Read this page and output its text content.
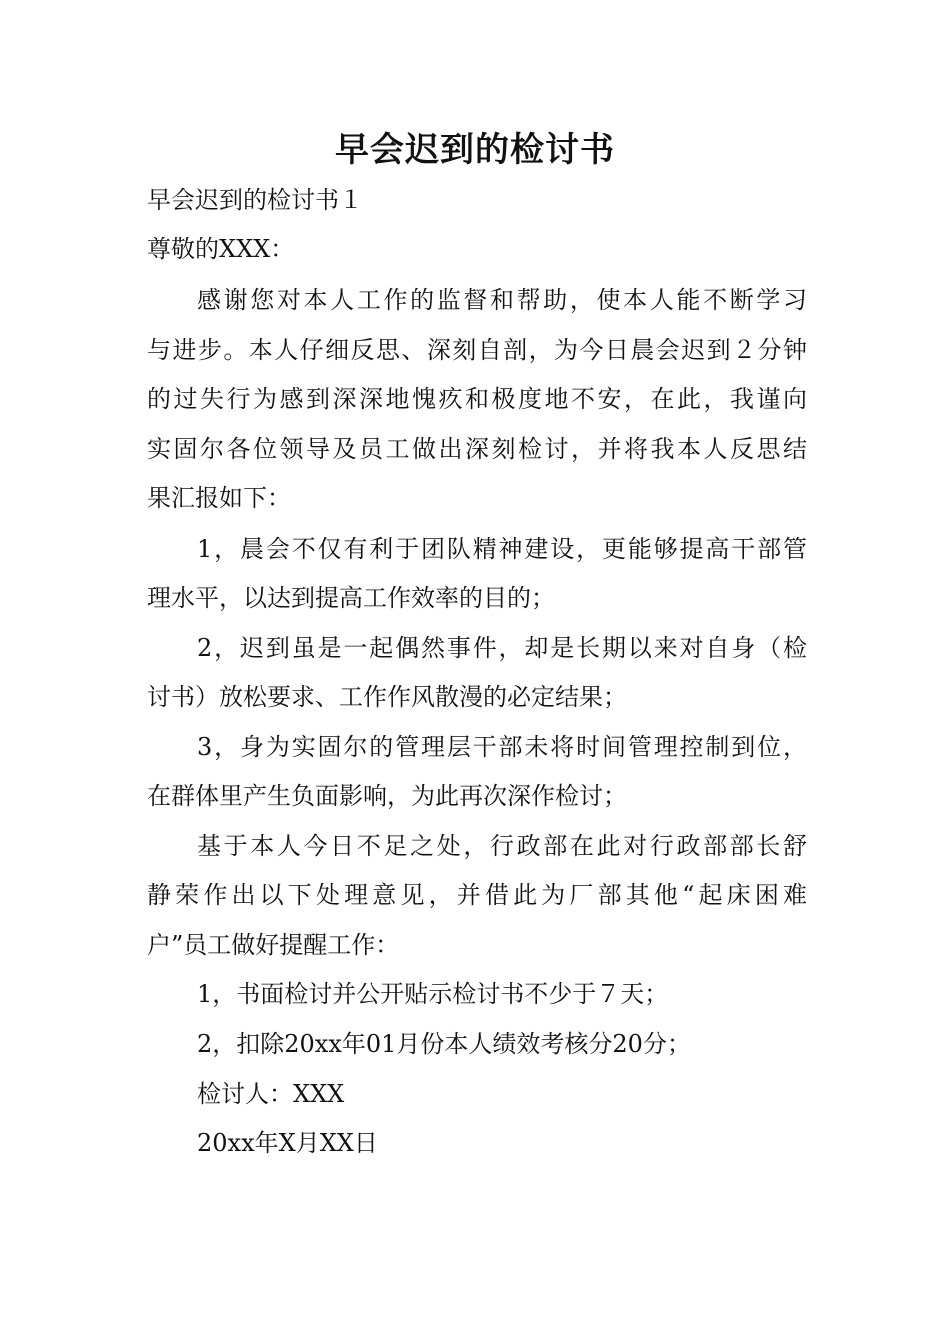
早会迟到的检讨书
早会迟到的检讨书１
尊敬的XXX：
感谢您对本人工作的监督和帮助，使本人能不断学习
与进步。本人仔细反思、深刻自剖，为今日晨会迟到２分钟
的过失行为感到深深地愧疚和极度地不安，在此，我谨向
实固尔各位领导及员工做出深刻检讨，并将我本人反思结
果汇报如下：
1，晨会不仅有利于团队精神建设，更能够提高干部管
理水平，以达到提高工作效率的目的；
2，迟到虽是一起偶然事件，却是长期以来对自身（检
讨书）放松要求、工作作风散漫的必定结果；
3，身为实固尔的管理层干部未将时间管理控制到位，
在群体里产生负面影响，为此再次深作检讨；
基于本人今日不足之处，行政部在此对行政部部长舒
静荣作出以下处理意见，并借此为厂部其他“起床困难
户”员工做好提醒工作：
1，书面检讨并公开贴示检讨书不少于７天；
2，扣除20xx年01月份本人绩效考核分20分；
检讨人：XXX
20xx年X月XX日
